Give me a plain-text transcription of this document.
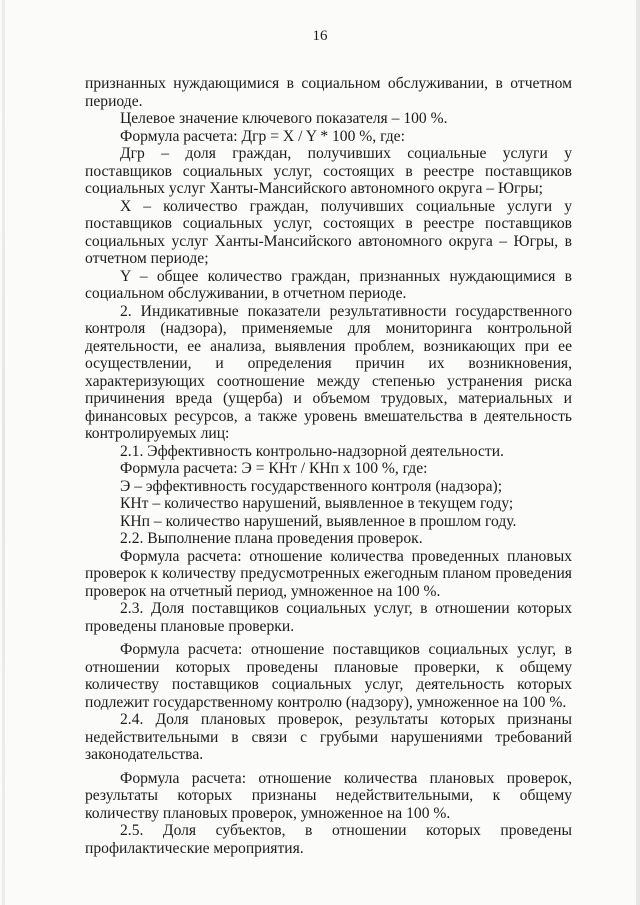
16

признанных нуждающимися в социальном обслуживании, в отчетном периоде.

Целевое значение ключевого показателя – 100 %.

Формула расчета: Дгр = X / Y * 100 %, где:

Дгр – доля граждан, получивших социальные услуги у поставщиков социальных услуг, состоящих в реестре поставщиков социальных услуг Ханты-Мансийского автономного округа – Югры;

X – количество граждан, получивших социальные услуги у поставщиков социальных услуг, состоящих в реестре поставщиков социальных услуг Ханты-Мансийского автономного округа – Югры, в отчетном периоде;

Y – общее количество граждан, признанных нуждающимися в социальном обслуживании, в отчетном периоде.

2. Индикативные показатели результативности государственного контроля (надзора), применяемые для мониторинга контрольной деятельности, ее анализа, выявления проблем, возникающих при ее осуществлении, и определения причин их возникновения, характеризующих соотношение между степенью устранения риска причинения вреда (ущерба) и объемом трудовых, материальных и финансовых ресурсов, а также уровень вмешательства в деятельность контролируемых лиц:

2.1. Эффективность контрольно-надзорной деятельности.

Формула расчета: Э = КНт / КНп х 100 %, где:

Э – эффективность государственного контроля (надзора);

КНт – количество нарушений, выявленное в текущем году;

КНп – количество нарушений, выявленное в прошлом году.

2.2. Выполнение плана проведения проверок.

Формула расчета: отношение количества проведенных плановых проверок к количеству предусмотренных ежегодным планом проведения проверок на отчетный период, умноженное на 100 %.

2.3. Доля поставщиков социальных услуг, в отношении которых проведены плановые проверки.

Формула расчета: отношение поставщиков социальных услуг, в отношении которых проведены плановые проверки, к общему количеству поставщиков социальных услуг, деятельность которых подлежит государственному контролю (надзору), умноженное на 100 %.

2.4. Доля плановых проверок, результаты которых признаны недействительными в связи с грубыми нарушениями требований законодательства.

Формула расчета: отношение количества плановых проверок, результаты которых признаны недействительными, к общему количеству плановых проверок, умноженное на 100 %.

2.5. Доля субъектов, в отношении которых проведены профилактические мероприятия.
